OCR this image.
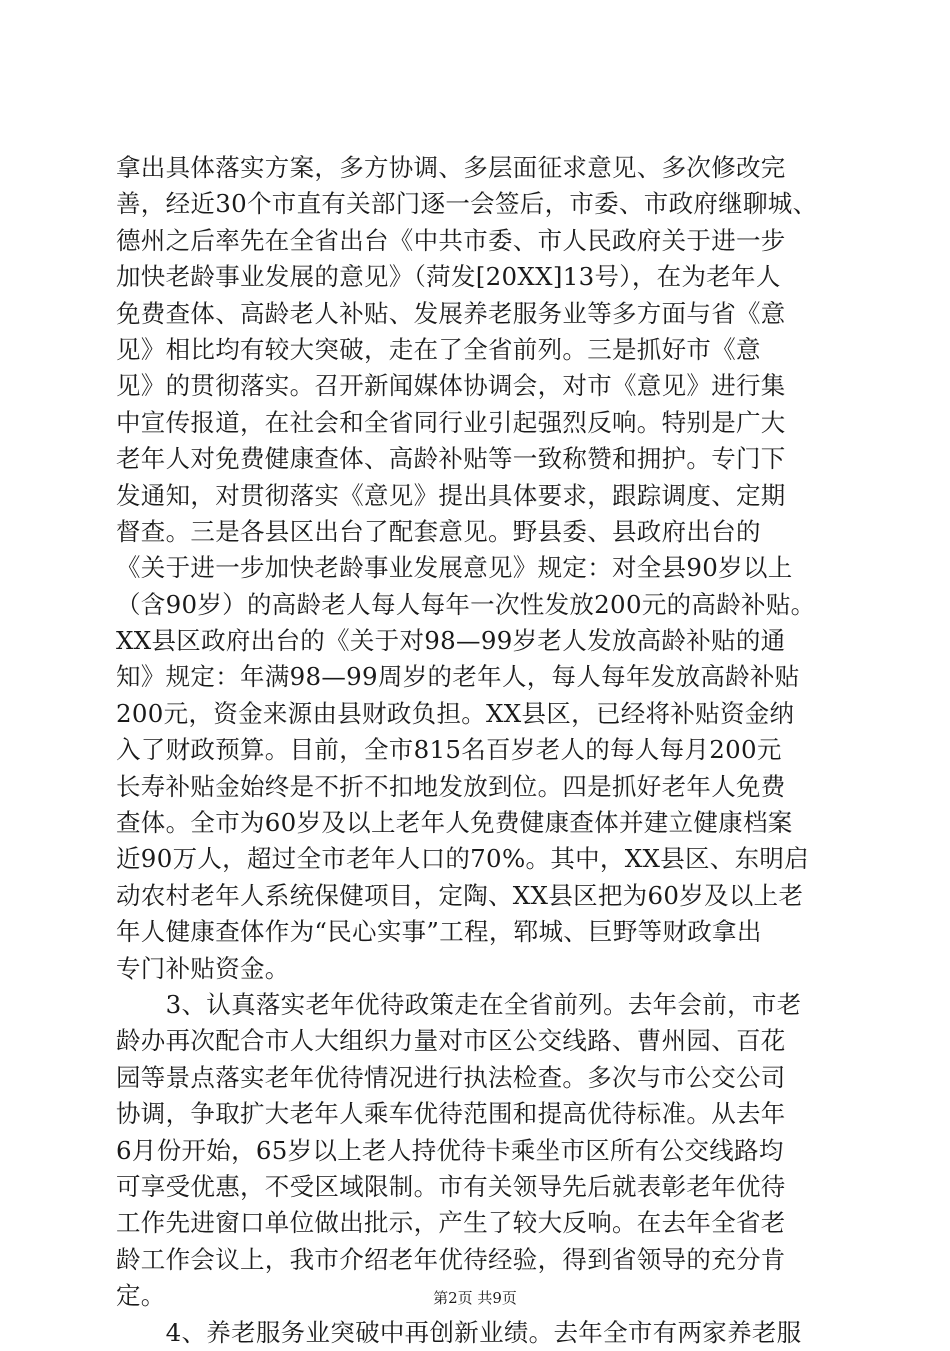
拿出具体落实方案，多方协调、多层面征求意见、多次修改完
善，经近30个市直有关部门逐一会签后，市委、市政府继聊城、
德州之后率先在全省出台《中共市委、市人民政府关于进一步
加快老龄事业发展的意见》（菏发[20XX]13号），在为老年人
免费查体、高龄老人补贴、发展养老服务业等多方面与省《意
见》相比均有较大突破，走在了全省前列。三是抓好市《意
见》的贯彻落实。召开新闻媒体协调会，对市《意见》进行集
中宣传报道，在社会和全省同行业引起强烈反响。特别是广大
老年人对免费健康查体、高龄补贴等一致称赞和拥护。专门下
发通知，对贯彻落实《意见》提出具体要求，跟踪调度、定期
督查。三是各县区出台了配套意见。野县委、县政府出台的
《关于进一步加快老龄事业发展意见》规定：对全县90岁以上
（含90岁）的高龄老人每人每年一次性发放200元的高龄补贴。
XX县区政府出台的《关于对98—99岁老人发放高龄补贴的通
知》规定：年满98—99周岁的老年人，每人每年发放高龄补贴
200元，资金来源由县财政负担。XX县区，已经将补贴资金纳
入了财政预算。目前，全市815名百岁老人的每人每月200元
长寿补贴金始终是不折不扣地发放到位。四是抓好老年人免费
查体。全市为60岁及以上老年人免费健康查体并建立健康档案
近90万人，超过全市老年人口的70%。其中，XX县区、东明启
动农村老年人系统保健项目，定陶、XX县区把为60岁及以上老
年人健康查体作为“民心实事”工程，郓城、巨野等财政拿出
专门补贴资金。
　　3、认真落实老年优待政策走在全省前列。去年会前，市老
龄办再次配合市人大组织力量对市区公交线路、曹州园、百花
园等景点落实老年优待情况进行执法检查。多次与市公交公司
协调，争取扩大老年人乘车优待范围和提高优待标准。从去年
6月份开始，65岁以上老人持优待卡乘坐市区所有公交线路均
可享受优惠，不受区域限制。市有关领导先后就表彰老年优待
工作先进窗口单位做出批示，产生了较大反响。在去年全省老
龄工作会议上，我市介绍老年优待经验，得到省领导的充分肯
定。
　　4、养老服务业突破中再创新业绩。去年全市有两家养老服
第2页 共9页
